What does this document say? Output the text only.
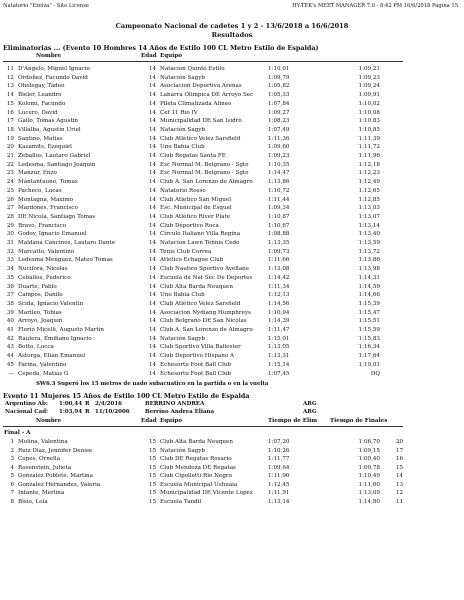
Natatorio "Ezeiza" - Site License	HY-TEK's MEET MANAGER 7.0 - 8:42 PM 16/6/2018 Página 15
Campeonato Nacional de cadetes 1 y 2 - 13/6/2018 a 16/6/2018
Resultados
Eliminatorias ... (Evento 10 Hombres 14 Años de Estilo 100 CL Metro Estilo de Espalda)
Nombre	Edad Equipo
11 D'Angelo, Miguel Ignacio	14 Natacion Quinto Estilo	1:10,01	1:09,21
12 Ordoñez, Facundo David	14 Natación Sagyb	1:09,79	1:09,23
13 Oholegay, Tadeo	14 Asociacion Deportiva Arenas	1:05,82	1:09,24
14 Bieler, Leandro	14 Laharra Olimpica DE Arroyo Sec	1:05,33	1:09,91
15 Kolomi, Facundo	14 Pileta Climatizada Alineo	1:07,84	1:10,02
16 Lucero, David	14 Cef 11 Rio IV	1:09,27	1:10,08
17 Gallo, Tomas Agustin	14 Municipalidad DE San Isidro	1:08,23	1:10,83
18 Villalba, Agustin Uriel	14 Natación Sagyb	1:07,49	1:10,85
19 Santino, Matias	14 Club Atlético Velez Sarsfield	1:11,36	1:11,39
20 Kazamits, Ezequiel	14 Uno Bahia Club	1:09,60	1:11,72
21 Zeballos, Lautaro Gabriel	14 Club Regatas Santa FE	1:09,23	1:11,96
22 Ledesma, Santiago Joaquin	14 Esc Normal M. Belgrano - Sgto	1:10,35	1:12,18
23 Manzur, Enzo	14 Esc Normal M. Belgrano - Sgto	1:14,47	1:12,23
24 Mantantuono, Tomas	14 Club A. San Lorenzo de Almagro	1:13,86	1:12,49
25 Pacheco, Lucas	14 Natatorio Rosso	1:10,72	1:12,65
26 Montagna, Maximo	14 Club Atletico San Miguel	1:11,44	1:12,85
27 Mardones, Francisco	14 Esc. Municipal de Esquel	1:09,34	1:13,03
28 DE Nicola, Santiago Tomas	14 Club Atlético River Plate	1:10,87	1:13,07
29 Bravo, Francisco	14 Club Deportivo Roca	1:10,67	1:13,14
30 Godoy, Ignacio Emanuel	14 Circulo Italiano Villa Regina	1:08,88	1:13,40
31 Maldana Cancinos, Lautaro Dante	14 Natacion Lawn Tennis Cede	1:13,35	1:13,59
32 Marcatto, Valentino	14 Tenis Club Correa	1:09,73	1:13,72
33 Ledesma Menguez, Mateo Tomas	14 Atletico Echague Club	1:11,66	1:13,86
34 Nucifora, Nicolas	14 Club Nautico Sportivo Avellane	1:13,08	1:13,98
35 Ceballos, Federico	14 Escuela de Nat Sec De Deportes	1:14,42	1:14,31
36 Duarte, Pablo	14 Club Alta Barda Neuquen	1:11,34	1:14,59
37 Campos, Danilo	14 Uno Bahia Club	1:12,13	1:14,66
38 Scida, Ignacio Valentin	14 Club Atlético Velez Sarsfield	1:14,56	1:15,39
39 Marileo, Tobias	14 Asociacion Nydiang Humphreys	1:10,94	1:15,47
40 Arroyo, Joaquin	14 Club Belgrano DE San Nicolas	1:14,39	1:15,51
41 Florio Micelli, Augusto Martin	14 Club A. San Lorenzo de Almagro	1:11,47	1:15,59
42 Raulera, Emiliano Ignacio	14 Natación Sagyb	1:15,01	1:15,83
43 Botto, Lucca	14 Club Sportivo Villa Ballester	1:13,05	1:16,34
44 Astorga, Elian Emanuel	14 Club Deportivo Hispano A	1:13,31	1:17,64
45 Farina, Valentino	14 Echesortu Foot Ball Club	1:15,14	1:19,01
--- Cepeda, Matias G	14 Echesortu Foot Ball Club	1:07,45	DQ
SW6.3 Superó los 15 metros de nado subacuatico en la partida o en la vuelta
Evento 11 Mujeres 15 Años de Estilo 100 CL Metro Estilo de Espalda
Argentino Ab: 1:00,44 R 2/4/2016	BERRINO ANDREA	ARG
Nacional Cad: 1:03,94 R 11/10/2006	Berrino Andrea Eliana	ARG
Nombre	Edad Equipo	Tiempo de Elim Tiempo de Finales
Final - A
1 Molina, Valentina	15 Club Alta Barda Neuquen	1:07,20	1:06,70	20
2 Ruiz Diaz, Jennifer Denise	15 Natación Sagyb	1:10,26	1:09,15	17
3 Copes, Ornella	15 Club DE Regatas Rosario	1:11,77	1:09,40	16
4 Rosenstein, Julieta	15 Club Mendoza DE Regatas	1:09,64	1:09,78	15
5 Gonzalez Poblete, Martina	15 Club Cipolletti Rio Negro	1:11,90	1:10,49	14
6 Gonzalez Hernandez, Valeria	15 Escuela Municipal Ushuaia	1:12,45	1:11,60	13
7 Infante, Merlina	15 Municipalidad DE Vicente Lopez	1:11,91	1:13,09	12
8 Bisio, Lola	15 Escuela Tandil	1:13,14	1:14,80	11
